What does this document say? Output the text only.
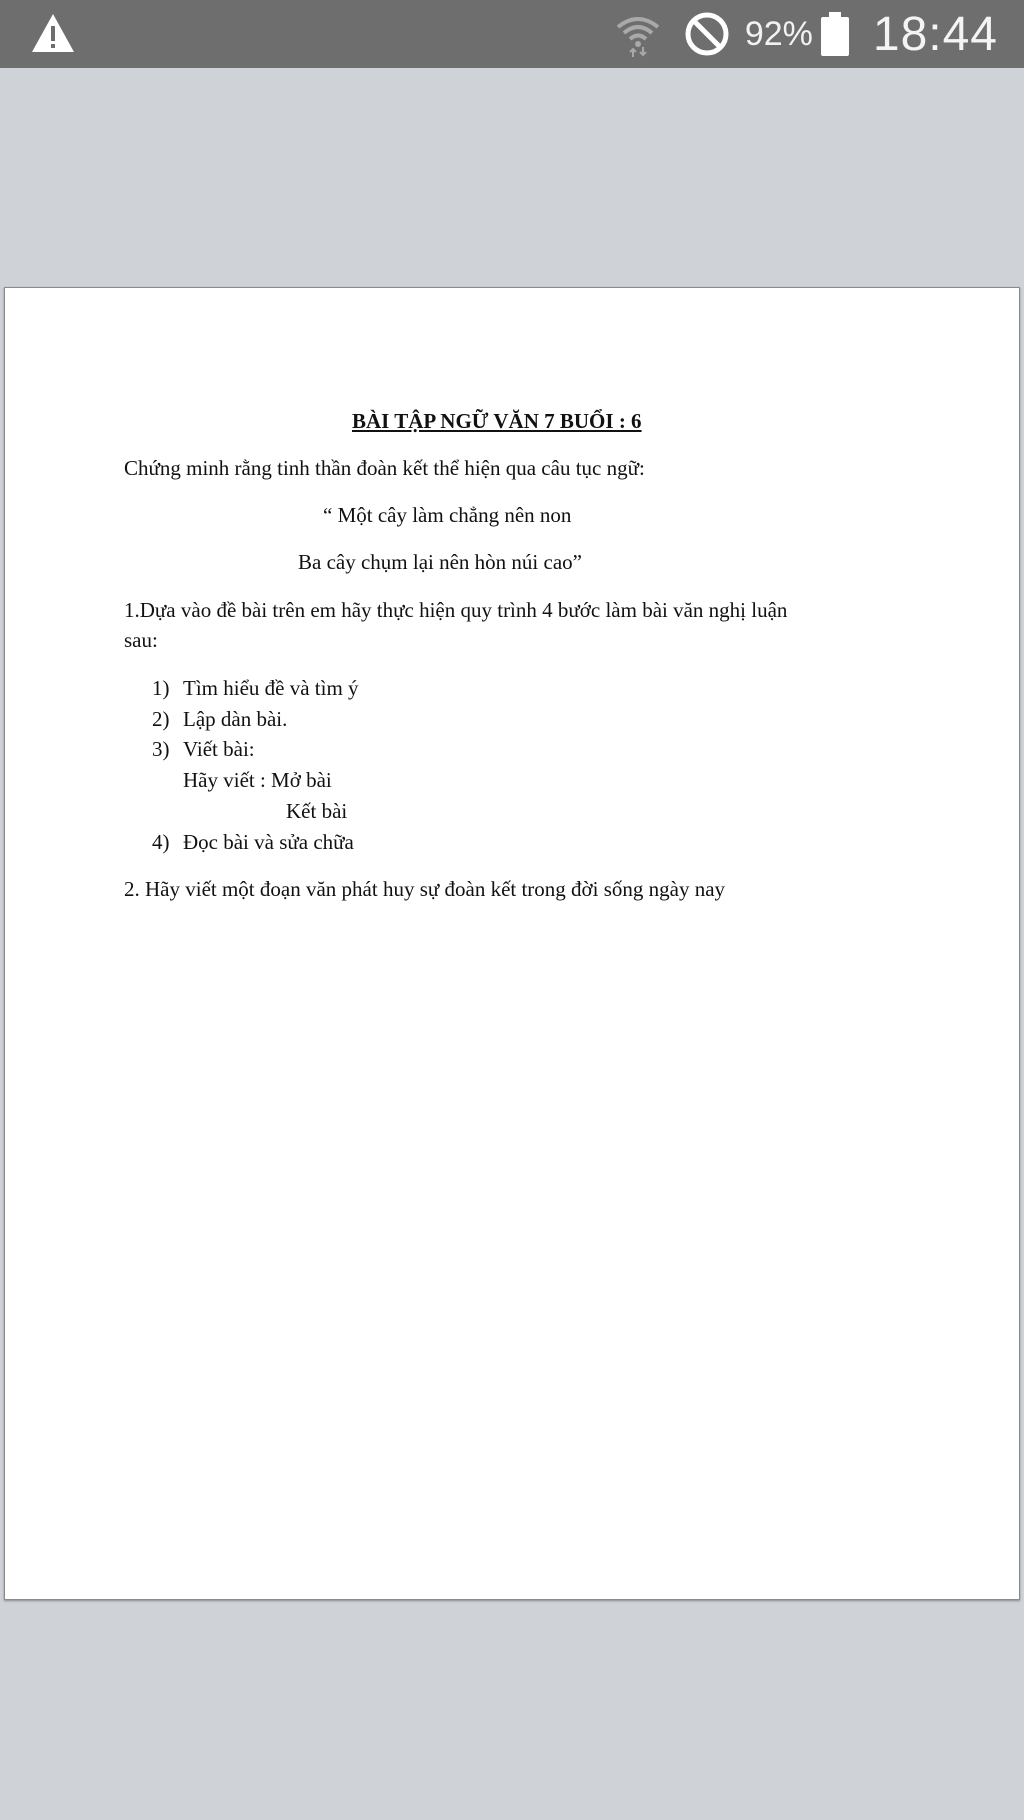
92% 18:44
BÀI TẬP NGỮ VĂN 7 BUỔI : 6
Chứng minh rằng tinh thần đoàn kết thể hiện qua câu tục ngữ:
“ Một cây làm chẳng nên non
Ba cây chụm lại nên hòn núi cao”
1.Dựa vào đề bài trên em hãy thực hiện quy trình 4 bước làm bài văn nghị luận
sau:
1) Tìm hiểu đề và tìm ý
2) Lập dàn bài.
3) Viết bài:
Hãy viết : Mở bài
Kết bài
4) Đọc bài và sửa chữa
2. Hãy viết một đoạn văn phát huy sự đoàn kết trong đời sống ngày nay
